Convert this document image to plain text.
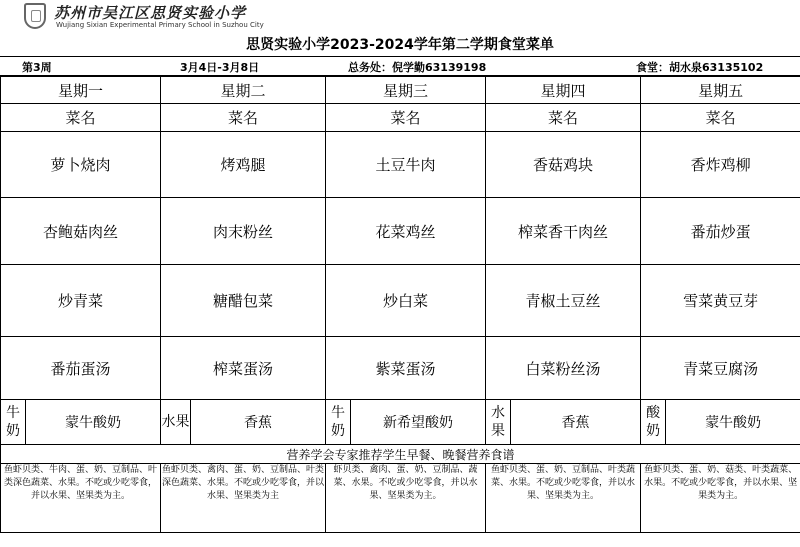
苏州市吴江区思贤实验小学
Wujiang Sixian Experimental Primary School in Suzhou City
思贤实验小学2023-2024学年第二学期食堂菜单
第3周	3月4日-3月8日	总务处：倪学勤63139198	食堂：胡水泉63135102
星期一		星期二		星期三		星期四		星期五	
菜名		菜名		菜名		菜名		菜名	
萝卜烧肉		烤鸡腿		土豆牛肉		香菇鸡块		香炸鸡柳	
杏鲍菇肉丝		肉末粉丝		花菜鸡丝		榨菜香干肉丝		番茄炒蛋	
炒青菜		糖醋包菜		炒白菜		青椒土豆丝		雪菜黄豆芽	
番茄蛋汤		榨菜蛋汤		紫菜蛋汤		白菜粉丝汤		青菜豆腐汤	
牛奶	蒙牛酸奶	水果	香蕉	牛奶	新希望酸奶	水果	香蕉	酸奶	蒙牛酸奶
营养学会专家推荐学生早餐、晚餐营养食谱									
鱼虾贝类、牛肉、蛋、奶、豆制品、叶类深色蔬菜、水果。不吃或少吃零食，并以水果、坚果类为主。		鱼虾贝类、禽肉、蛋、奶、豆制品、叶类深色蔬菜、水果。不吃或少吃零食，并以水果、坚果类为主		虾贝类、禽肉、蛋、奶、豆制品、蔬菜、水果。不吃或少吃零食，并以水果、坚果类为主。		鱼虾贝类、蛋、奶、豆制品、叶类蔬菜、水果。不吃或少吃零食，并以水果、坚果类为主。		鱼虾贝类、蛋、奶、菇类、叶类蔬菜、水果。不吃或少吃零食，并以水果、坚果类为主。	
